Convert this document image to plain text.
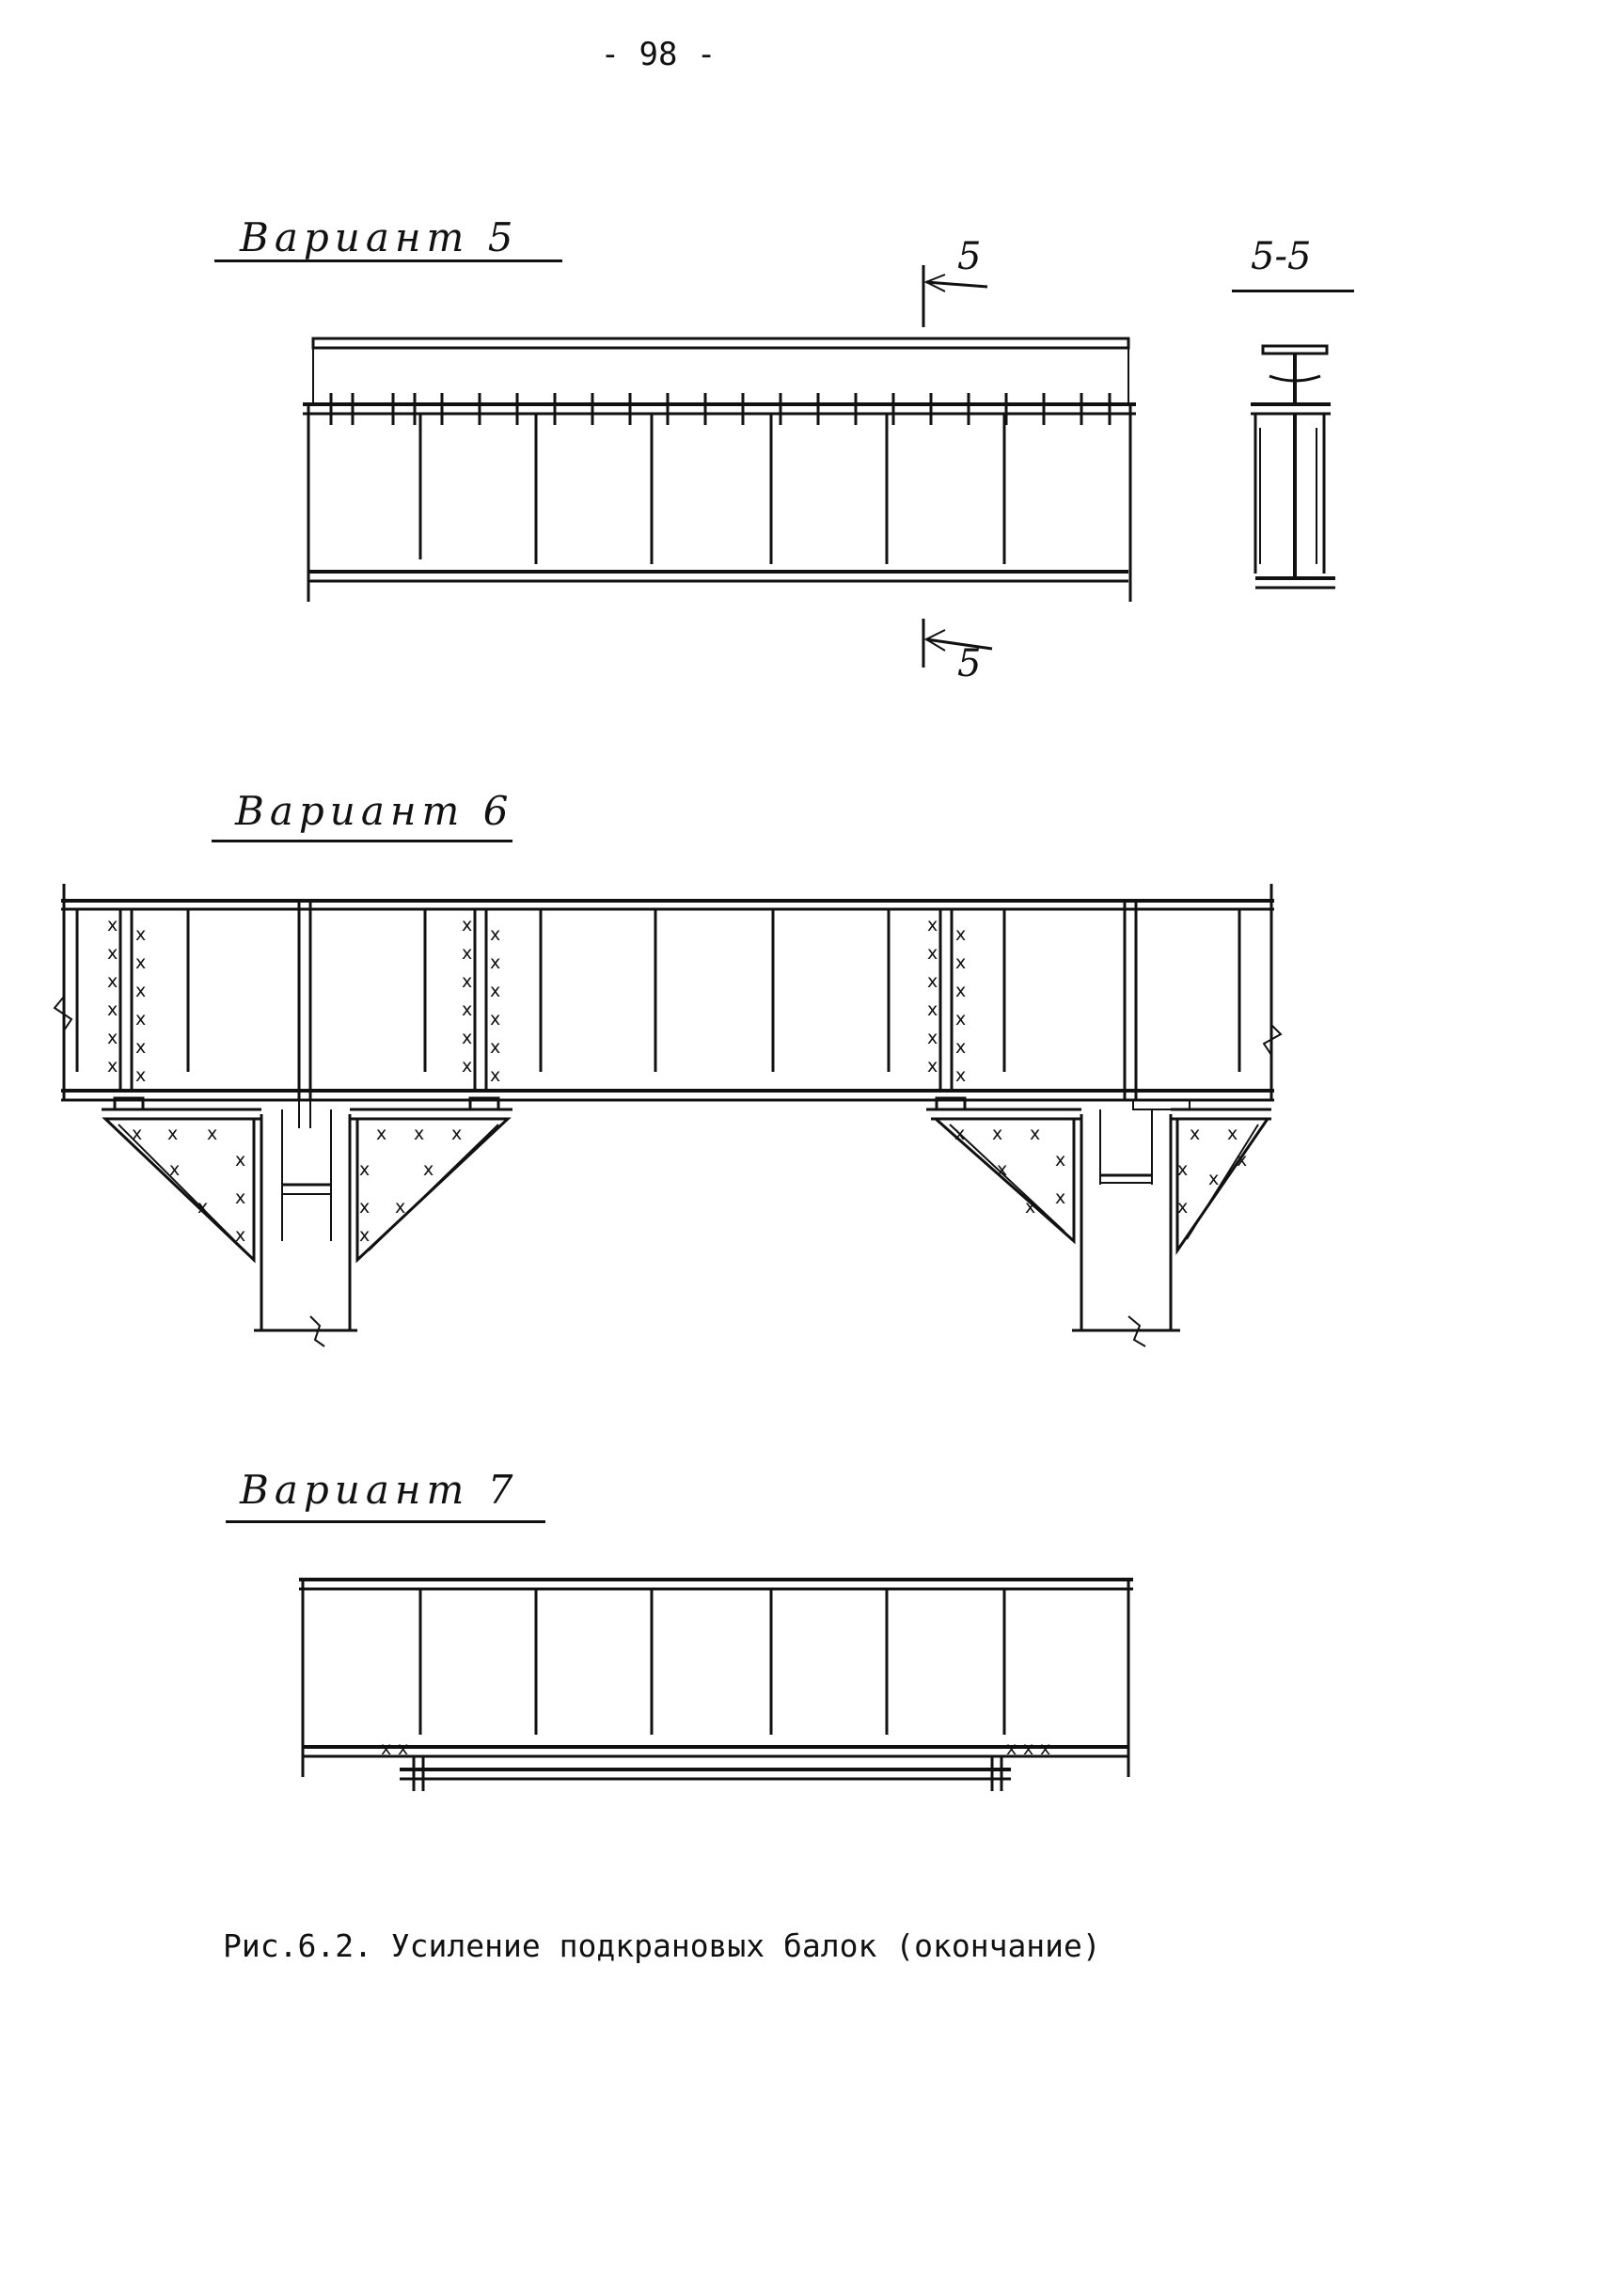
- 98 -
Вариант 5	5
5
5-5
Вариант 6
Вариант 7
x x
x x
x x
x x
x x
x x
x x
x x
x x
x x
x x
x x
x x
x x
x x
x x
x x
x x
x x x
x
x
x
x
x
x x x
x
x
x
x
x
x x x
x
x
x
x
x x
x
x
x
x
x x	x x x
Рис.6.2. Усиление подкрановых балок (окончание)
